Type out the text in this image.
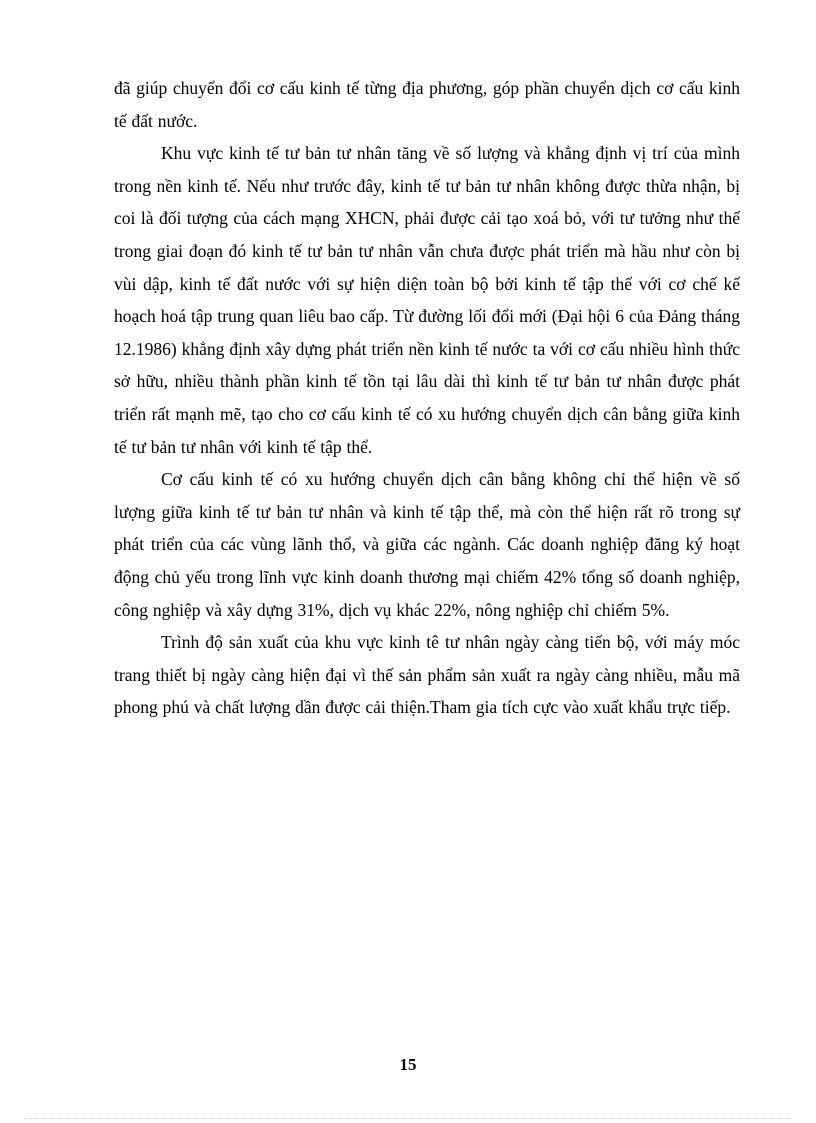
đã giúp chuyển đổi cơ cấu kinh tế từng địa phương, góp phần chuyển dịch cơ cấu kinh tế đất nước.

Khu vực kinh tế tư bản tư nhân tăng về số lượng và khẳng định vị trí của mình trong nền kinh tế. Nếu như trước đây, kinh tế tư bản tư nhân không được thừa nhận, bị coi là đối tượng của cách mạng XHCN, phải được cải tạo xoá bỏ, với tư tưởng như thế trong giai đoạn đó kinh tế tư bản tư nhân vẫn chưa được phát triển mà hầu như còn bị vùi dập, kinh tế đất nước với sự hiện diện toàn bộ bởi kinh tế tập thể với cơ chế kế hoạch hoá tập trung quan liêu bao cấp. Từ đường lối đổi mới (Đại hội 6 của Đảng tháng 12.1986) khẳng định xây dựng phát triển nền kinh tế nước ta với cơ cấu nhiều hình thức sở hữu, nhiều thành phần kinh tế tồn tại lâu dài thì kinh tế tư bản tư nhân được phát triển rất mạnh mẽ, tạo cho cơ cấu kinh tế có xu hướng chuyển dịch cân bằng giữa kinh tế tư bản tư nhân với kinh tế tập thể.

Cơ cấu kinh tế có xu hướng chuyển dịch cân bằng không chỉ thể hiện về số lượng giữa kinh tế tư bản tư nhân và kinh tế tập thể, mà còn thể hiện rất rõ trong sự phát triển của các vùng lãnh thổ, và giữa các ngành. Các doanh nghiệp đăng ký hoạt động chủ yếu trong lĩnh vực kinh doanh thương mại chiếm 42% tổng số doanh nghiệp, công nghiệp và xây dựng 31%, dịch vụ khác 22%, nông nghiệp chỉ chiếm 5%.

Trình độ sản xuất của khu vực kinh tê tư nhân ngày càng tiến bộ, với máy móc trang thiết bị ngày càng hiện đại vì thế sản phẩm sản xuất ra ngày càng nhiều, mẫu mã phong phú và chất lượng dần được cải thiện.Tham gia tích cực vào xuất khẩu trực tiếp.

15
